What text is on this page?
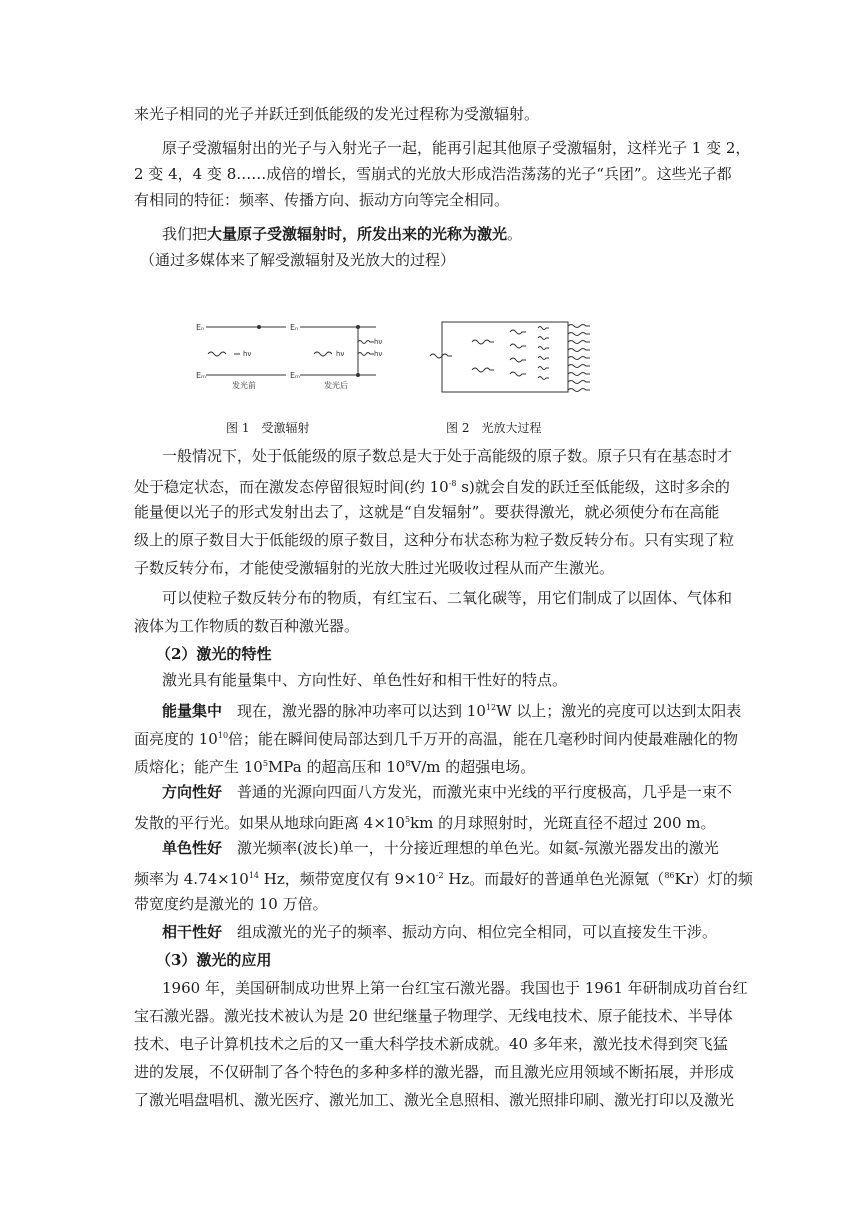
来光子相同的光子并跃迁到低能级的发光过程称为受激辐射。
原子受激辐射出的光子与入射光子一起，能再引起其他原子受激辐射，这样光子 1 变 2，
2 变 4，4 变 8……成倍的增长，雪崩式的光放大形成浩浩荡荡的光子“兵团”。这些光子都
有相同的特征：频率、传播方向、振动方向等完全相同。
我们把大量原子受激辐射时，所发出来的光称为激光。
（通过多媒体来了解受激辐射及光放大的过程）
Eₙ
Eₘ
Eₙ
Eₘ
hν	hν
hν
hν
发光前	发光后
图 1　受激辐射	图 2　光放大过程
一般情况下，处于低能级的原子数总是大于处于高能级的原子数。原子只有在基态时才
处于稳定状态，而在激发态停留很短时间(约 $10^{-8}$ s)就会自发的跃迁至低能级，这时多余的
能量便以光子的形式发射出去了，这就是“自发辐射”。要获得激光，就必须使分布在高能
级上的原子数目大于低能级的原子数目，这种分布状态称为粒子数反转分布。只有实现了粒
子数反转分布，才能使受激辐射的光放大胜过光吸收过程从而产生激光。
可以使粒子数反转分布的物质，有红宝石、二氧化碳等，用它们制成了以固体、气体和
液体为工作物质的数百种激光器。
（2）激光的特性
激光具有能量集中、方向性好、单色性好和相干性好的特点。
能量集中　现在，激光器的脉冲功率可以达到 $10^{12}W$ 以上；激光的亮度可以达到太阳表
面亮度的 $10^{10}$倍；能在瞬间使局部达到几千万开的高温，能在几毫秒时间内使最难融化的物
质熔化；能产生 $10^5MPa$ 的超高压和 $10^8V/m$ 的超强电场。
方向性好　普通的光源向四面八方发光，而激光束中光线的平行度极高，几乎是一束不
发散的平行光。如果从地球向距离 $4\times 10^5km$ 的月球照射时，光斑直径不超过 200 m。
单色性好　激光频率(波长)单一，十分接近理想的单色光。如氦-氖激光器发出的激光
频率为 $4.74\times 10^{14}$ Hz，频带宽度仅有 $9\times 10^{-2}$ Hz。而最好的普通单色光源氪（$^{86}$Kr）灯的频
带宽度约是激光的 10 万倍。
相干性好　组成激光的光子的频率、振动方向、相位完全相同，可以直接发生干涉。
（3）激光的应用
1960 年，美国研制成功世界上第一台红宝石激光器。我国也于 1961 年研制成功首台红
宝石激光器。激光技术被认为是 20 世纪继量子物理学、无线电技术、原子能技术、半导体
技术、电子计算机技术之后的又一重大科学技术新成就。40 多年来，激光技术得到突飞猛
进的发展，不仅研制了各个特色的多种多样的激光器，而且激光应用领域不断拓展，并形成
了激光唱盘唱机、激光医疗、激光加工、激光全息照相、激光照排印刷、激光打印以及激光
